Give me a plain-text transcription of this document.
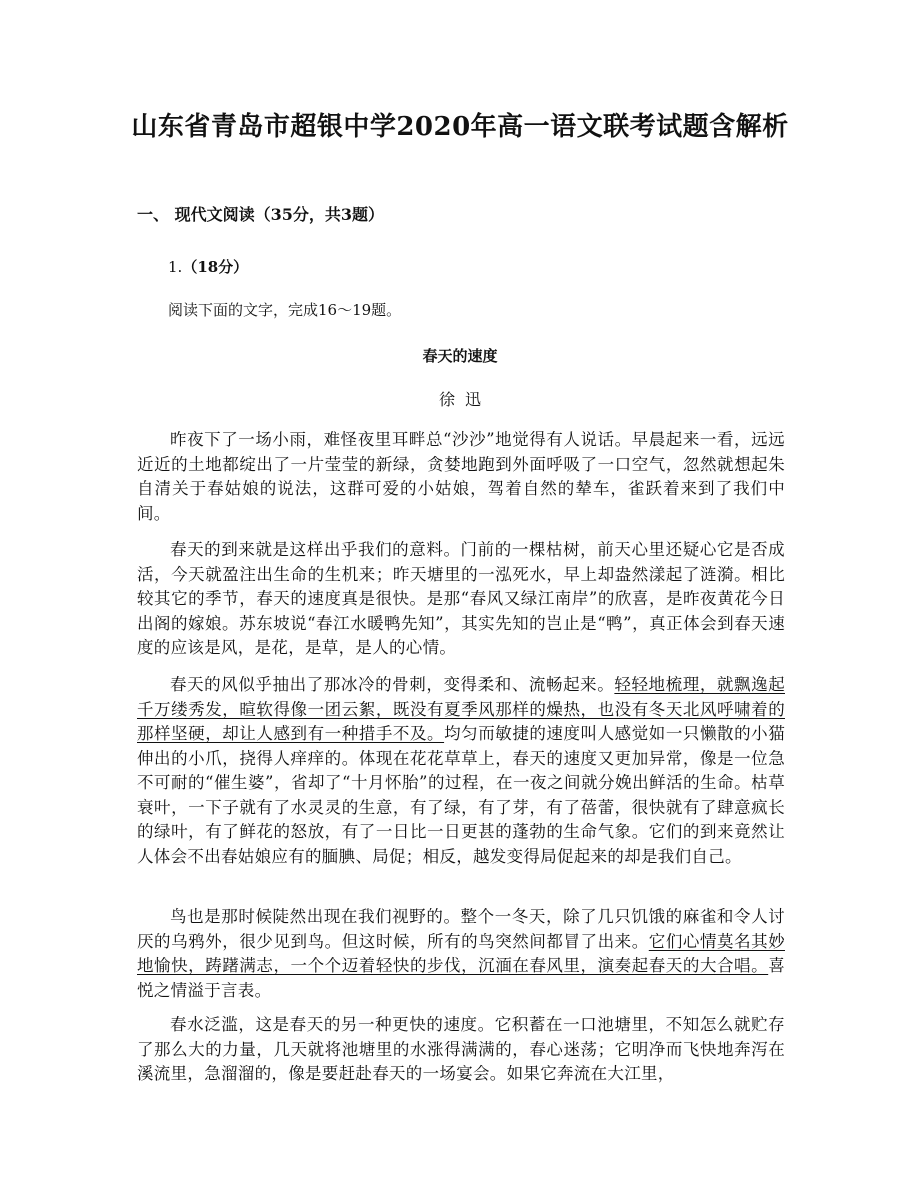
山东省青岛市超银中学2020年高一语文联考试题含解析
一、 现代文阅读（35分，共3题）
1.（18分）
阅读下面的文字，完成16～19题。
春天的速度
徐迅

昨夜下了一场小雨，难怪夜里耳畔总“沙沙”地觉得有人说话。早晨起来一看，远远近近的土地都绽出了一片莹莹的新绿，贪婪地跑到外面呼吸了一口空气，忽然就想起朱自清关于春姑娘的说法，这群可爱的小姑娘，驾着自然的辇车，雀跃着来到了我们中间。

春天的到来就是这样出乎我们的意料。门前的一棵枯树，前天心里还疑心它是否成活，今天就盈注出生命的生机来；昨天塘里的一泓死水，早上却盎然漾起了涟漪。相比较其它的季节，春天的速度真是很快。是那“春风又绿江南岸”的欣喜，是昨夜黄花今日出阁的嫁娘。苏东坡说“春江水暖鸭先知”，其实先知的岂止是“鸭”，真正体会到春天速度的应该是风，是花，是草，是人的心情。

春天的风似乎抽出了那冰冷的骨刺，变得柔和、流畅起来。轻轻地梳理，就飘逸起千万缕秀发，暄软得像一团云絮，既没有夏季风那样的燥热，也没有冬天北风呼啸着的那样坚硬，却让人感到有一种措手不及。均匀而敏捷的速度叫人感觉如一只懒散的小猫伸出的小爪，挠得人痒痒的。体现在花花草草上，春天的速度又更加异常，像是一位急不可耐的“催生婆”，省却了“十月怀胎”的过程，在一夜之间就分娩出鲜活的生命。枯草衰叶，一下子就有了水灵灵的生意，有了绿，有了芽，有了蓓蕾，很快就有了肆意疯长的绿叶，有了鲜花的怒放，有了一日比一日更甚的蓬勃的生命气象。它们的到来竟然让人体会不出春姑娘应有的腼腆、局促；相反，越发变得局促起来的却是我们自己。

鸟也是那时候陡然出现在我们视野的。整个一冬天，除了几只饥饿的麻雀和令人讨厌的乌鸦外，很少见到鸟。但这时候，所有的鸟突然间都冒了出来。它们心情莫名其妙地愉快，踌躇满志，一个个迈着轻快的步伐，沉湎在春风里，演奏起春天的大合唱。喜悦之情溢于言表。

春水泛滥，这是春天的另一种更快的速度。它积蓄在一口池塘里，不知怎么就贮存了那么大的力量，几天就将池塘里的水涨得满满的，春心迷荡；它明净而飞快地奔泻在溪流里，急溜溜的，像是要赶赴春天的一场宴会。如果它奔流在大江里，
